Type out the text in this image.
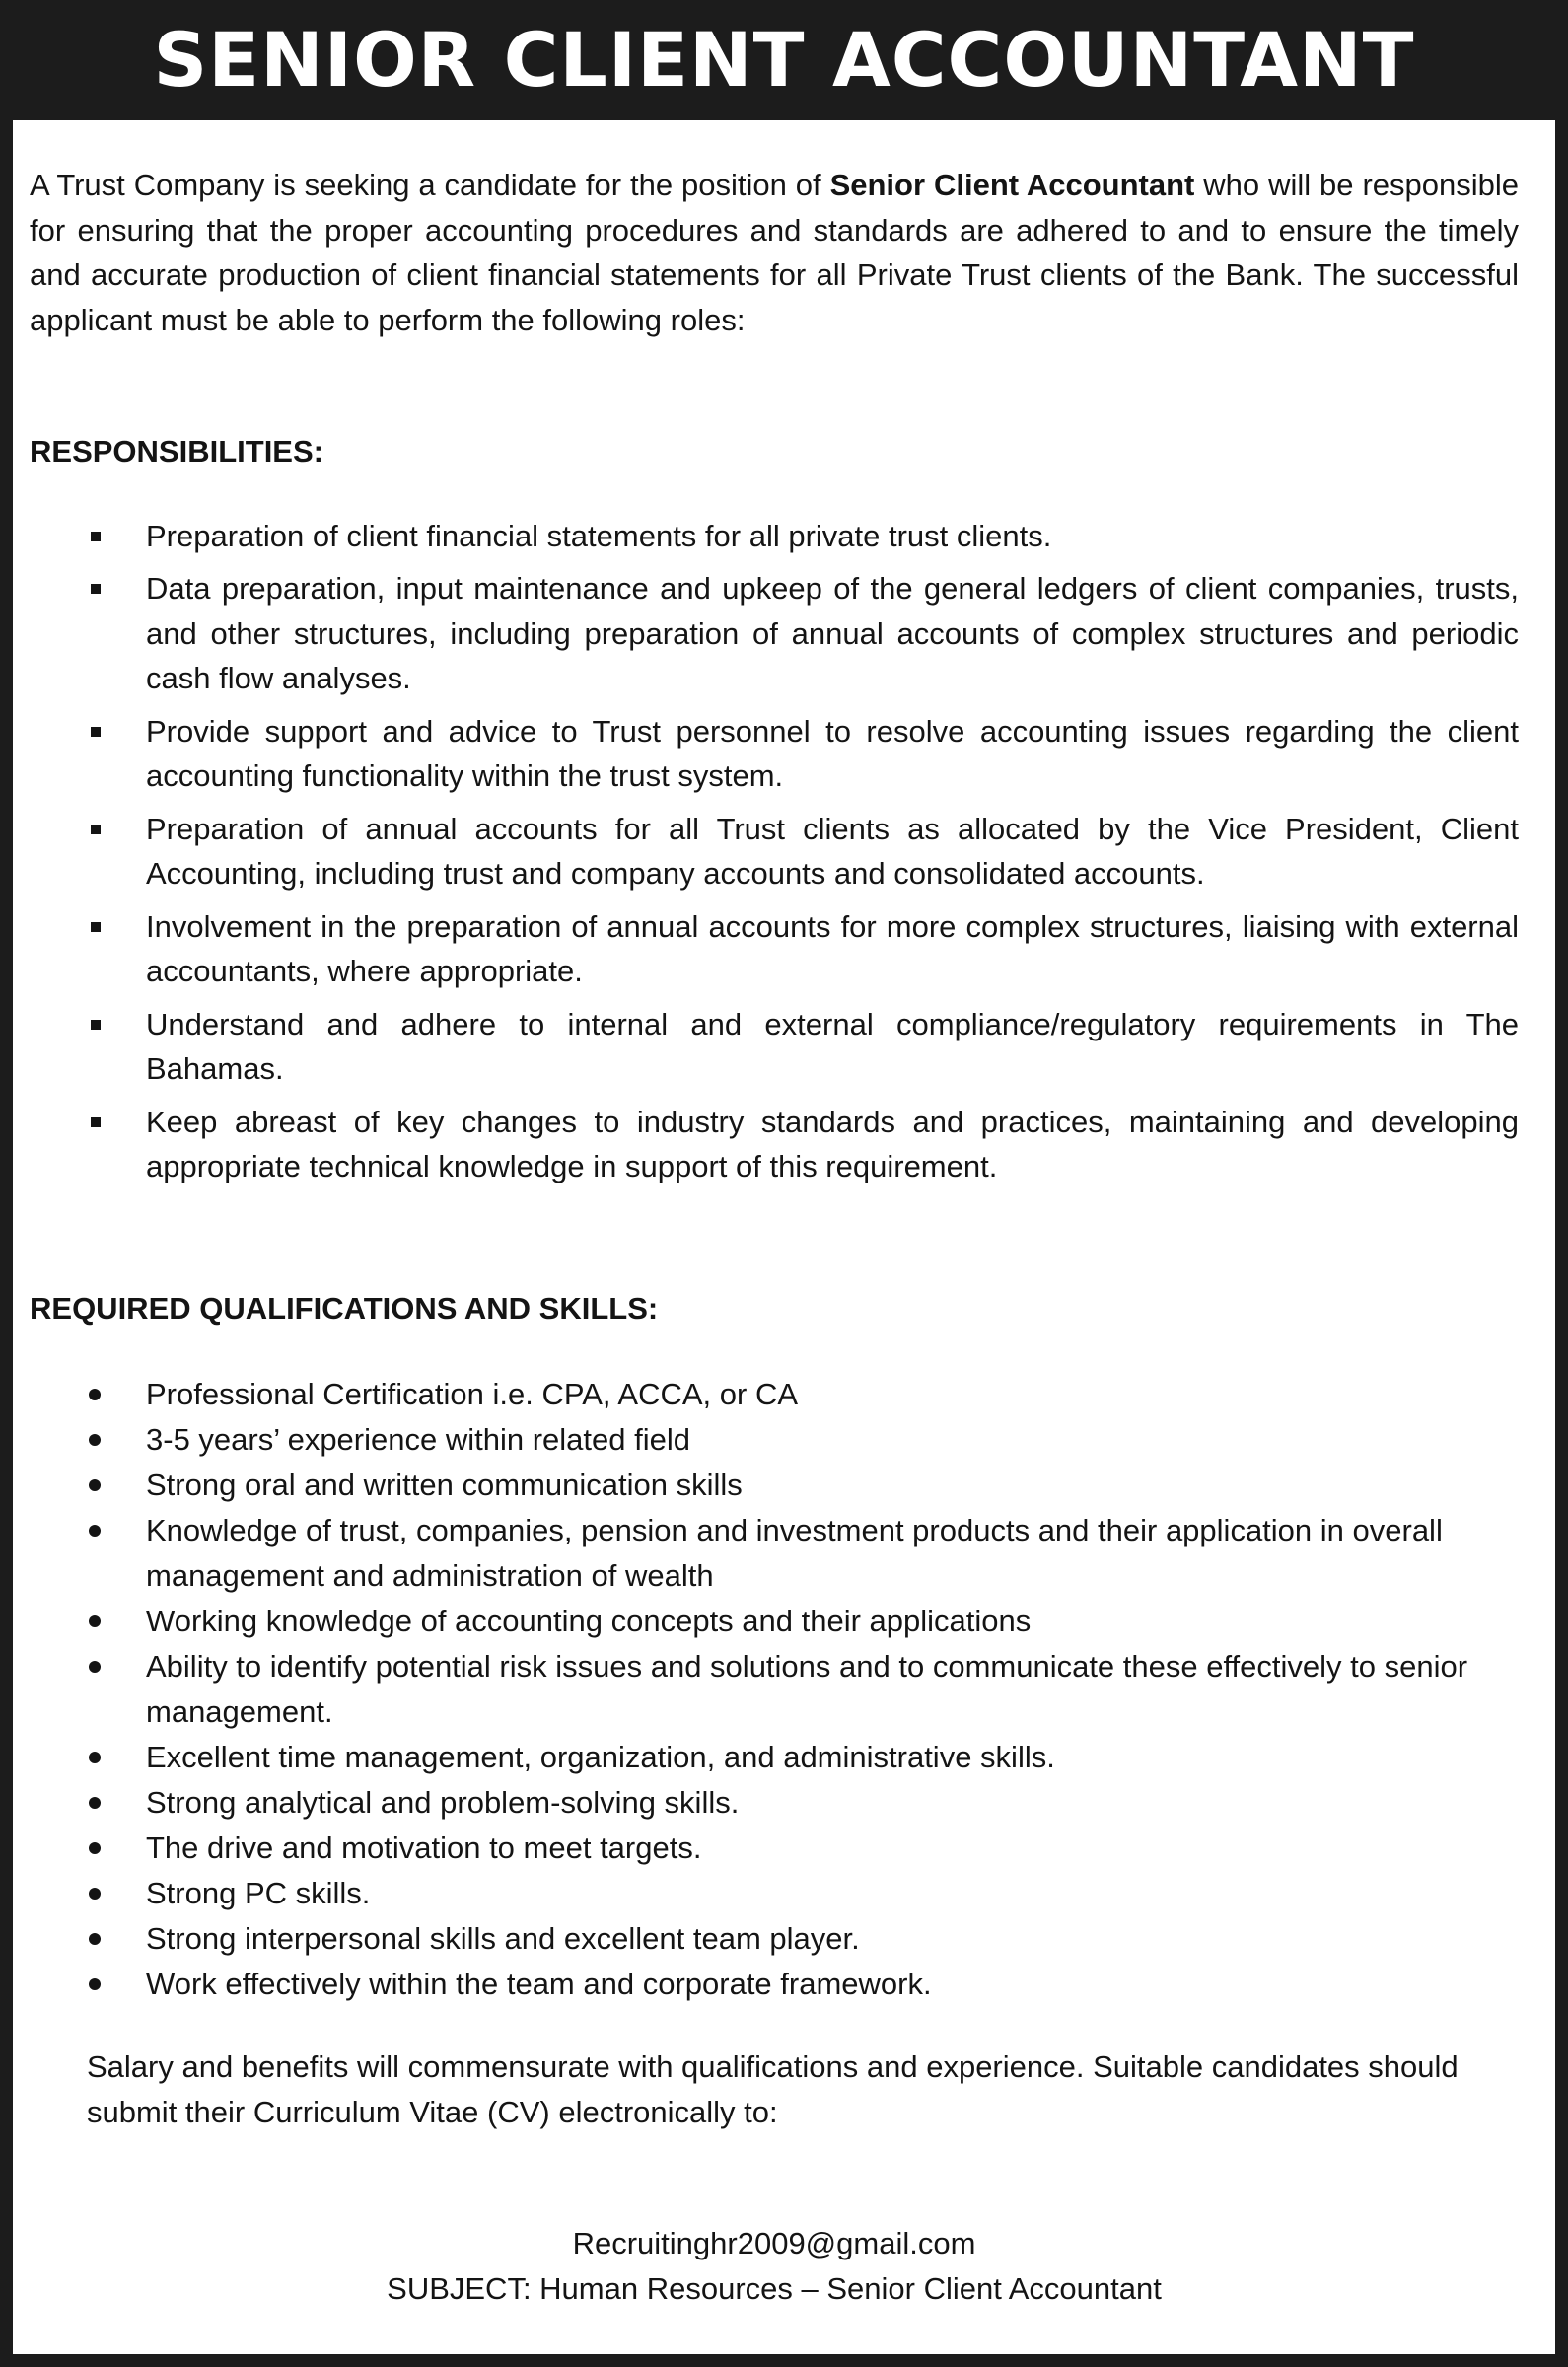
SENIOR CLIENT ACCOUNTANT

A Trust Company is seeking a candidate for the position of Senior Client Accountant who will be responsible for ensuring that the proper accounting procedures and standards are adhered to and to ensure the timely and accurate production of client financial statements for all Private Trust clients of the Bank. The successful applicant must be able to perform the following roles:

RESPONSIBILITIES:

Preparation of client financial statements for all private trust clients.
Data preparation, input maintenance and upkeep of the general ledgers of client companies, trusts, and other structures, including preparation of annual accounts of complex structures and periodic cash flow analyses.
Provide support and advice to Trust personnel to resolve accounting issues regarding the client accounting functionality within the trust system.
Preparation of annual accounts for all Trust clients as allocated by the Vice President, Client Accounting, including trust and company accounts and consolidated accounts.
Involvement in the preparation of annual accounts for more complex structures, liaising with external accountants, where appropriate.
Understand and adhere to internal and external compliance/regulatory requirements in The Bahamas.
Keep abreast of key changes to industry standards and practices, maintaining and developing appropriate technical knowledge in support of this requirement.

REQUIRED QUALIFICATIONS AND SKILLS:

Professional Certification i.e. CPA, ACCA, or CA
3-5 years’ experience within related field
Strong oral and written communication skills
Knowledge of trust, companies, pension and investment products and their application in overall management and administration of wealth
Working knowledge of accounting concepts and their applications
Ability to identify potential risk issues and solutions and to communicate these effectively to senior management.
Excellent time management, organization, and administrative skills.
Strong analytical and problem-solving skills.
The drive and motivation to meet targets.
Strong PC skills.
Strong interpersonal skills and excellent team player.
Work effectively within the team and corporate framework.

Salary and benefits will commensurate with qualifications and experience. Suitable candidates should submit their Curriculum Vitae (CV) electronically to:

Recruitinghr2009@gmail.com
SUBJECT: Human Resources – Senior Client Accountant
